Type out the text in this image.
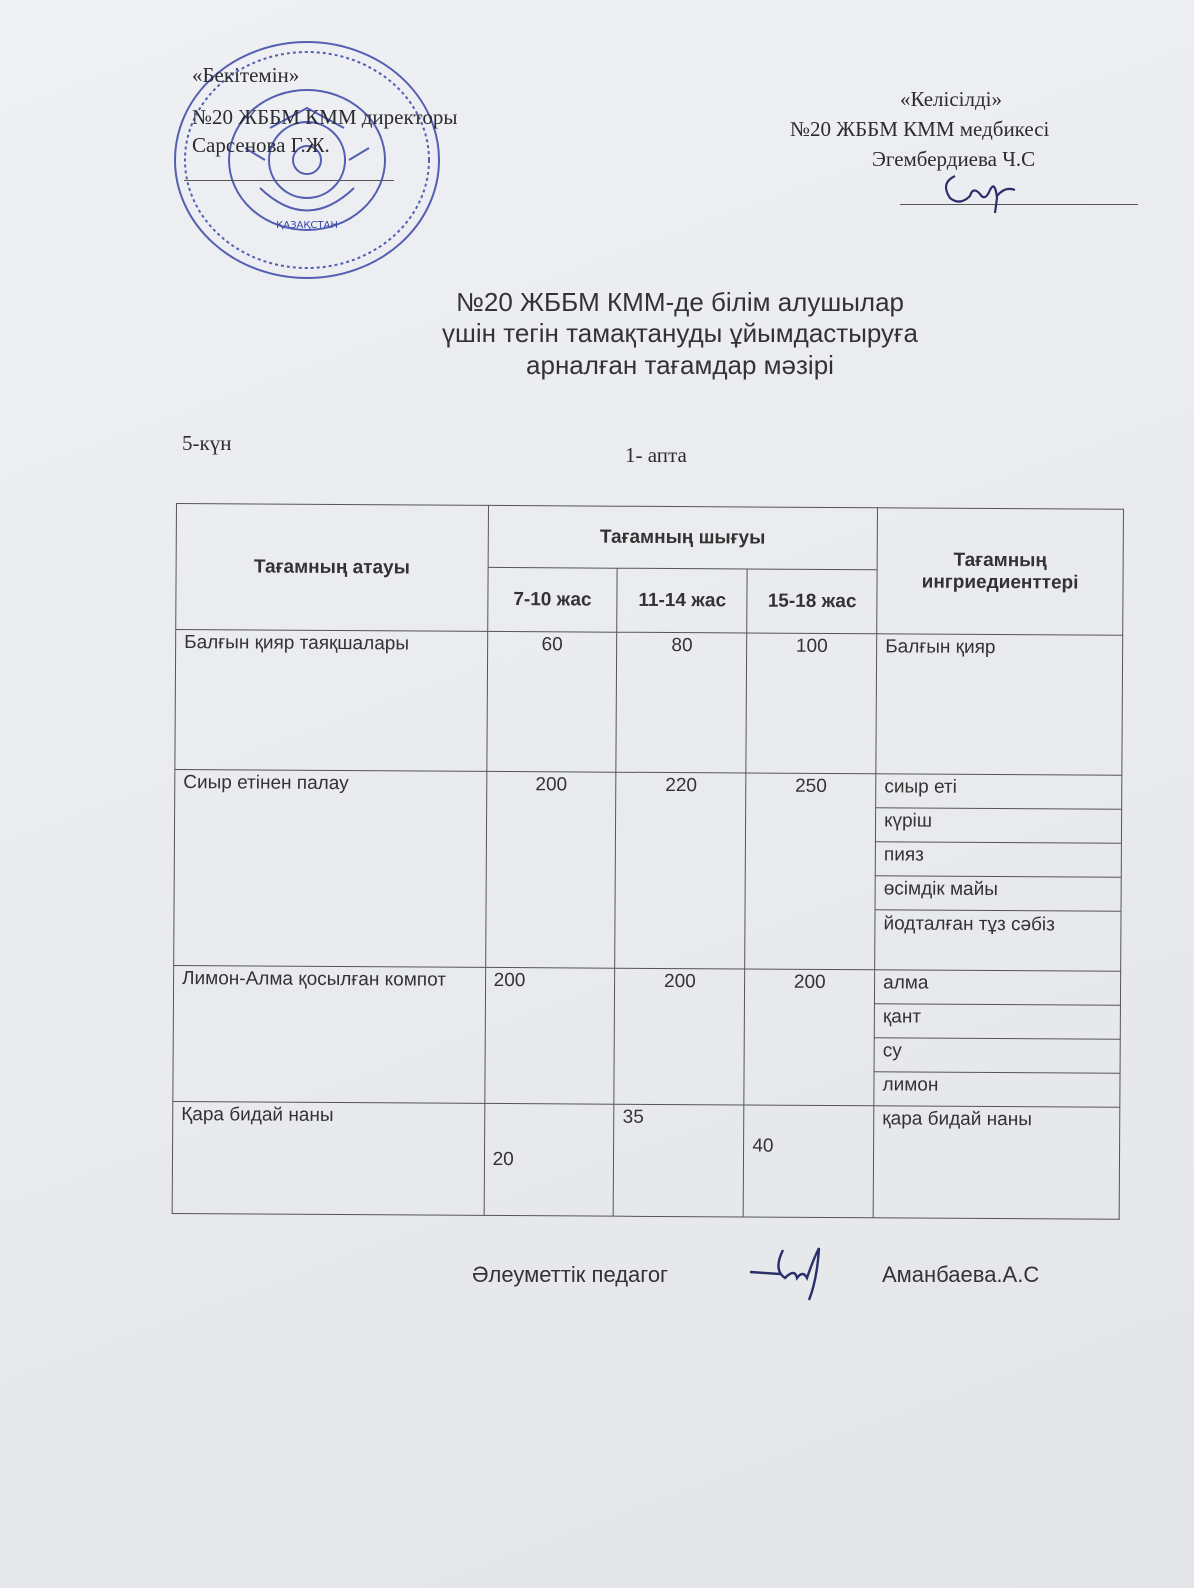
ҚАЗАҚСТАН
«Бекітемін»
№20 ЖББМ КММ директоры
Сарсенова Г.Ж.
«Келісілді»
№20 ЖББМ КММ медбикесі
Эгембердиева Ч.С
№20 ЖББМ КММ-де білім алушылар
үшін тегін тамақтануды ұйымдастыруға
арналған тағамдар мәзірі
5-күн	1- апта
Тағамның атауы	Тағамның шығуы			Тағамның ингриедиенттері
	7-10 жас	11-14 жас	15-18 жас	
Балғын қияр таяқшалары	60	80	100	Балғын қияр
Сиыр етінен палау	200	220	250	сиыр еті
				күріш
				пияз
				өсімдік майы
				йодталған тұз сәбіз
Лимон-Алма қосылған компот	200	200	200	алма
				қант
				су
				лимон
Қара бидай наны	20	35	40	қара бидай наны
Әлеуметтік педагог	Аманбаева.А.С
